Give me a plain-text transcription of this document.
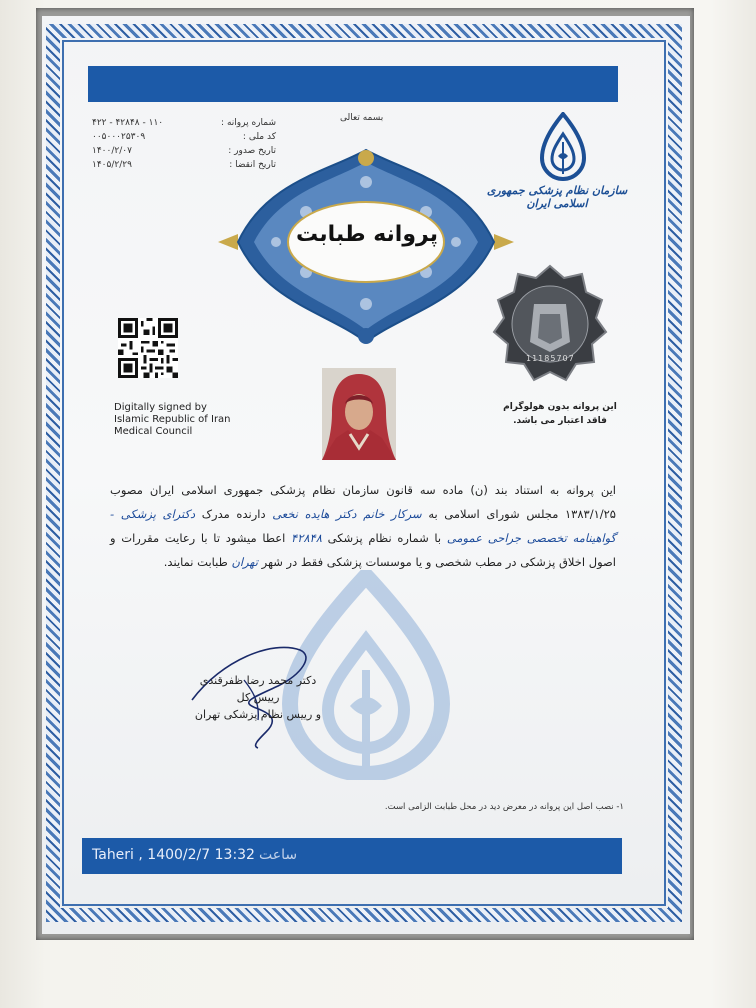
بسمه تعالی
شماره پروانه :
کد ملی :
تاریخ صدور :
تاریخ انقضا :
۴۲۲ - ۴۲۸۴۸ - ۱۱۰
۰۰۵۰۰۰۲۵۳۰۹
۱۴۰۰/۲/۰۷
۱۴۰۵/۲/۲۹
پروانه طبابت
سازمان نظام پزشکی جمهوری اسلامی ایران
11185707
این پروانه بدون هولوگرام فاقد اعتبار می باشد.
Digitally signed by
Islamic Republic of Iran
Medical Council
این پروانه به استناد بند (ن) ماده سه قانون سازمان نظام پزشکی جمهوری اسلامی ایران مصوب ۱۳۸۳/۱/۲۵ مجلس شورای اسلامی به سرکار خانم دکتر هایده نخعی دارنده مدرک دکترای پزشکی - گواهینامه تخصصی جراحی عمومی با شماره نظام پزشکی ۴۲۸۴۸ اعطا میشود تا با رعایت مقررات و اصول اخلاق پزشکی در مطب شخصی و یا موسسات پزشکی فقط در شهر تهران طبابت نمایند.
دکتر محمد رضا ظفرقندی
رییس کل
و رییس نظام پزشکی تهران
۱- نصب اصل این پروانه در معرض دید در محل طبابت الزامی است.
Taheri , 1400/2/7 13:32 ساعت
